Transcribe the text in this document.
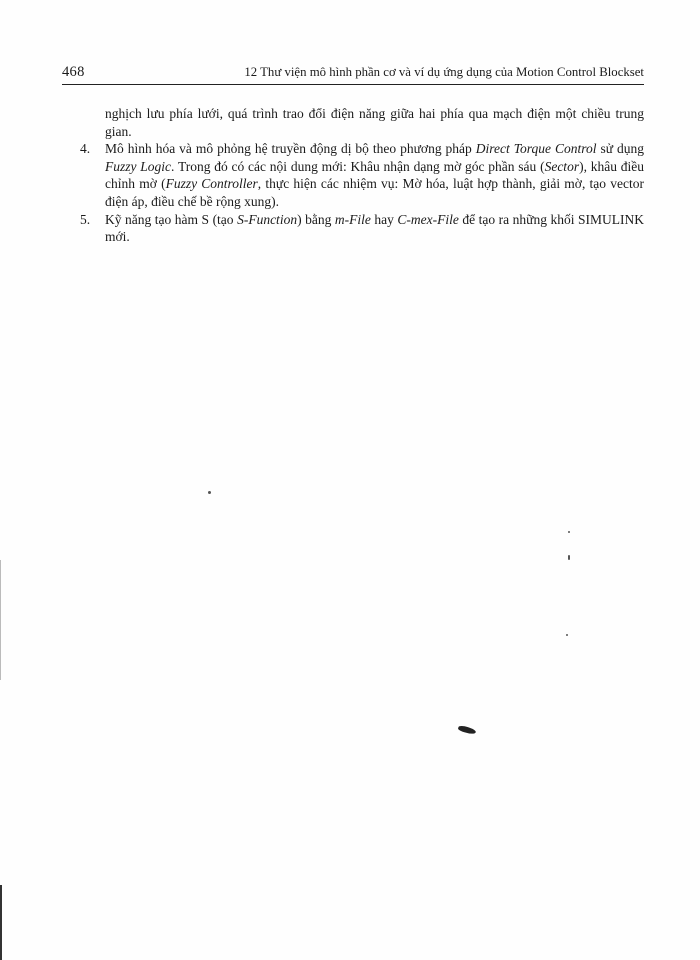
468	12 Thư viện mô hình phần cơ và ví dụ ứng dụng của Motion Control Blockset

nghịch lưu phía lưới, quá trình trao đổi điện năng giữa hai phía qua mạch điện một chiều trung gian.

4. Mô hình hóa và mô phỏng hệ truyền động dị bộ theo phương pháp Direct Torque Control sử dụng Fuzzy Logic. Trong đó có các nội dung mới: Khâu nhận dạng mờ góc phần sáu (Sector), khâu điều chỉnh mờ (Fuzzy Controller, thực hiện các nhiệm vụ: Mờ hóa, luật hợp thành, giải mờ, tạo vector điện áp, điều chế bề rộng xung).
5. Kỹ năng tạo hàm S (tạo S-Function) bằng m-File hay C-mex-File để tạo ra những khối SIMULINK mới.
